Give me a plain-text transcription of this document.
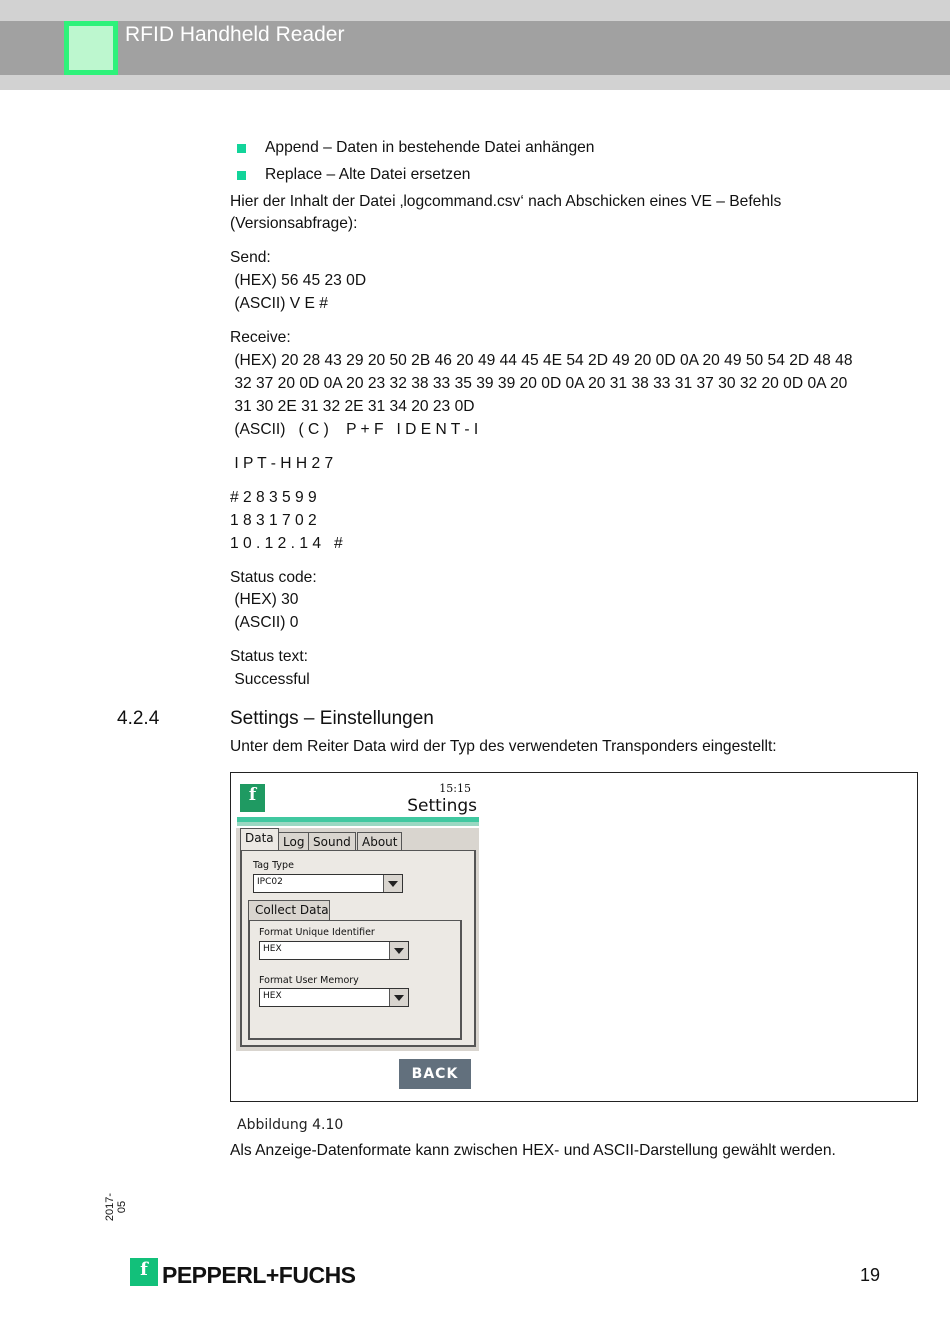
RFID Handheld Reader
Append – Daten in bestehende Datei anhängen
Replace – Alte Datei ersetzen
Hier der Inhalt der Datei ‚logcommand.csv‘ nach Abschicken eines VE – Befehls
(Versionsabfrage):
Send:
(HEX) 56 45 23 0D
(ASCII) V E #
Receive:
(HEX) 20 28 43 29 20 50 2B 46 20 49 44 45 4E 54 2D 49 20 0D 0A 20 49 50 54 2D 48 48
32 37 20 0D 0A 20 23 32 38 33 35 39 39 20 0D 0A 20 31 38 33 31 37 30 32 20 0D 0A 20
31 30 2E 31 32 2E 31 34 20 23 0D
(ASCII)   ( C )    P + F   I D E N T - I
I P T - H H 2 7
# 2 8 3 5 9 9
1 8 3 1 7 0 2
1 0 . 1 2 . 1 4   #
Status code:
(HEX) 30
(ASCII) 0
Status text:
Successful
4.2.4	Settings – Einstellungen
Unter dem Reiter Data wird der Typ des verwendeten Transponders eingestellt:
f	15:15
Settings
Data Log Sound About
Tag Type
IPC02
Collect Data
Format Unique Identifier
HEX
Format User Memory
HEX
BACK
Abbildung 4.10
Als Anzeige-Datenformate kann zwischen HEX- und ASCII-Darstellung gewählt werden.
2017-05
f PEPPERL+FUCHS	19
